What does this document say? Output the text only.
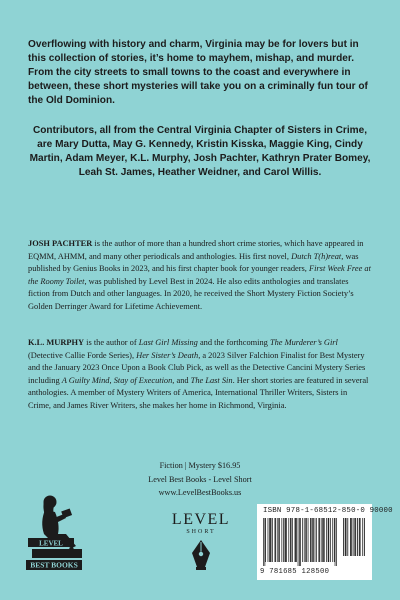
Overflowing with history and charm, Virginia may be for lovers but in this collection of stories, it’s home to mayhem, mishap, and murder. From the city streets to small towns to the coast and everywhere in between, these short mysteries will take you on a criminally fun tour of the Old Dominion.

Contributors, all from the Central Virginia Chapter of Sisters in Crime, are Mary Dutta, May G. Kennedy, Kristin Kisska, Maggie King, Cindy Martin, Adam Meyer, K.L. Murphy, Josh Pachter, Kathryn Prater Bomey, Leah St. James, Heather Weidner, and Carol Willis.

JOSH PACHTER is the author of more than a hundred short crime stories, which have appeared in EQMM, AHMM, and many other periodicals and anthologies. His first novel, Dutch T(h)reat, was published by Genius Books in 2023, and his first chapter book for younger readers, First Week Free at the Roomy Toilet, was published by Level Best in 2024. He also edits anthologies and translates fiction from Dutch and other languages. In 2020, he received the Short Mystery Fiction Society’s Golden Derringer Award for Lifetime Achievement.

K.L. MURPHY is the author of Last Girl Missing and the forthcoming The Murderer’s Girl (Detective Callie Forde Series), Her Sister’s Death, a 2023 Silver Falchion Finalist for Best Mystery and the January 2023 Once Upon a Book Club Pick, as well as the Detective Cancini Mystery Series including A Guilty Mind, Stay of Execution, and The Last Sin. Her short stories are featured in several anthologies. A member of Mystery Writers of America, International Thriller Writers, Sisters in Crime, and James River Writers, she makes her home in Richmond, Virginia.

Fiction | Mystery $16.95
Level Best Books - Level Short
www.LevelBestBooks.us
LEVEL
BEST BOOKS
LEVEL
SHORT
ISBN 978-1-68512-850-0 90000
9 781685 128500
